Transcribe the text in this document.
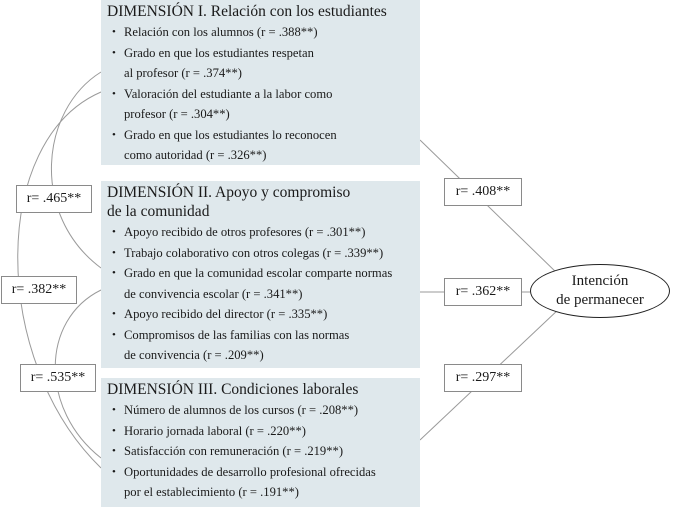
DIMENSIÓN I. Relación con los estudiantes
• Relación con los alumnos (r = .388**)
• Grado en que los estudiantes respetan
al profesor (r = .374**)
• Valoración del estudiante a la labor como
profesor (r = .304**)
• Grado en que los estudiantes lo reconocen
como autoridad (r = .326**)
DIMENSIÓN II. Apoyo y compromiso
de la comunidad
• Apoyo recibido de otros profesores (r = .301**)
• Trabajo colaborativo con otros colegas (r = .339**)
• Grado en que la comunidad escolar comparte normas
de convivencia escolar (r = .341**)
• Apoyo recibido del director (r = .335**)
• Compromisos de las familias con las normas
de convivencia (r = .209**)
DIMENSIÓN III. Condiciones laborales
• Número de alumnos de los cursos (r = .208**)
• Horario jornada laboral (r = .220**)
• Satisfacción con remuneración (r = .219**)
• Oportunidades de desarrollo profesional ofrecidas
por el establecimiento (r = .191**)
r= .465**
r= .382**
r= .535**
r= .408**
r= .362**
r= .297**
Intención
de permanecer
